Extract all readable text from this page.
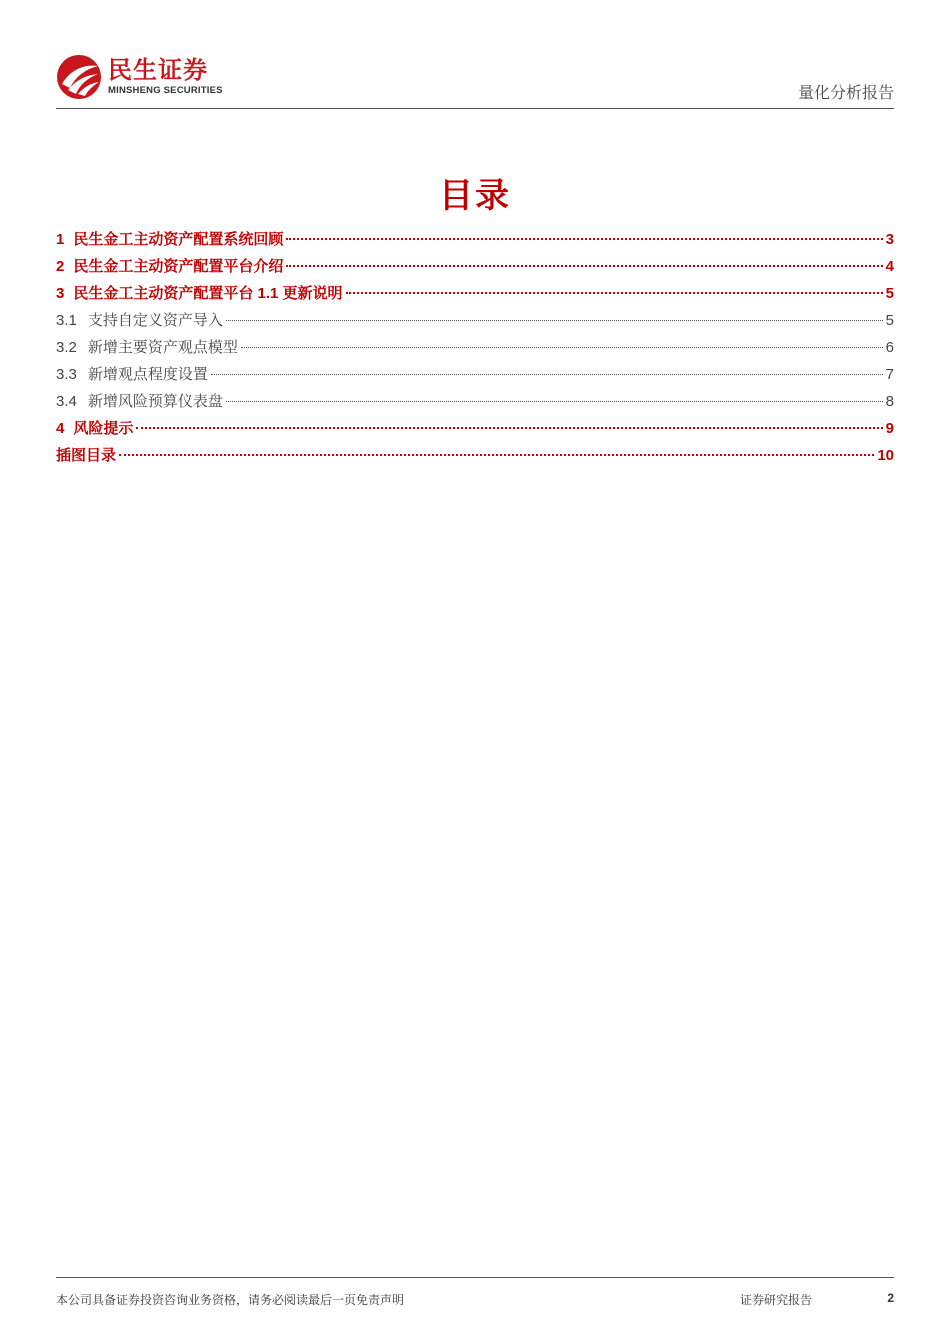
民生证券
MINSHENG SECURITIES	量化分析报告
目录
1 民生金工主动资产配置系统回顾	3
2 民生金工主动资产配置平台介绍	4
3 民生金工主动资产配置平台 1.1 更新说明	5
3.1 支持自定义资产导入	5
3.2 新增主要资产观点模型	6
3.3 新增观点程度设置	7
3.4 新增风险预算仪表盘	8
4 风险提示	9
插图目录	10
本公司具备证券投资咨询业务资格，请务必阅读最后一页免责声明	证券研究报告	2
